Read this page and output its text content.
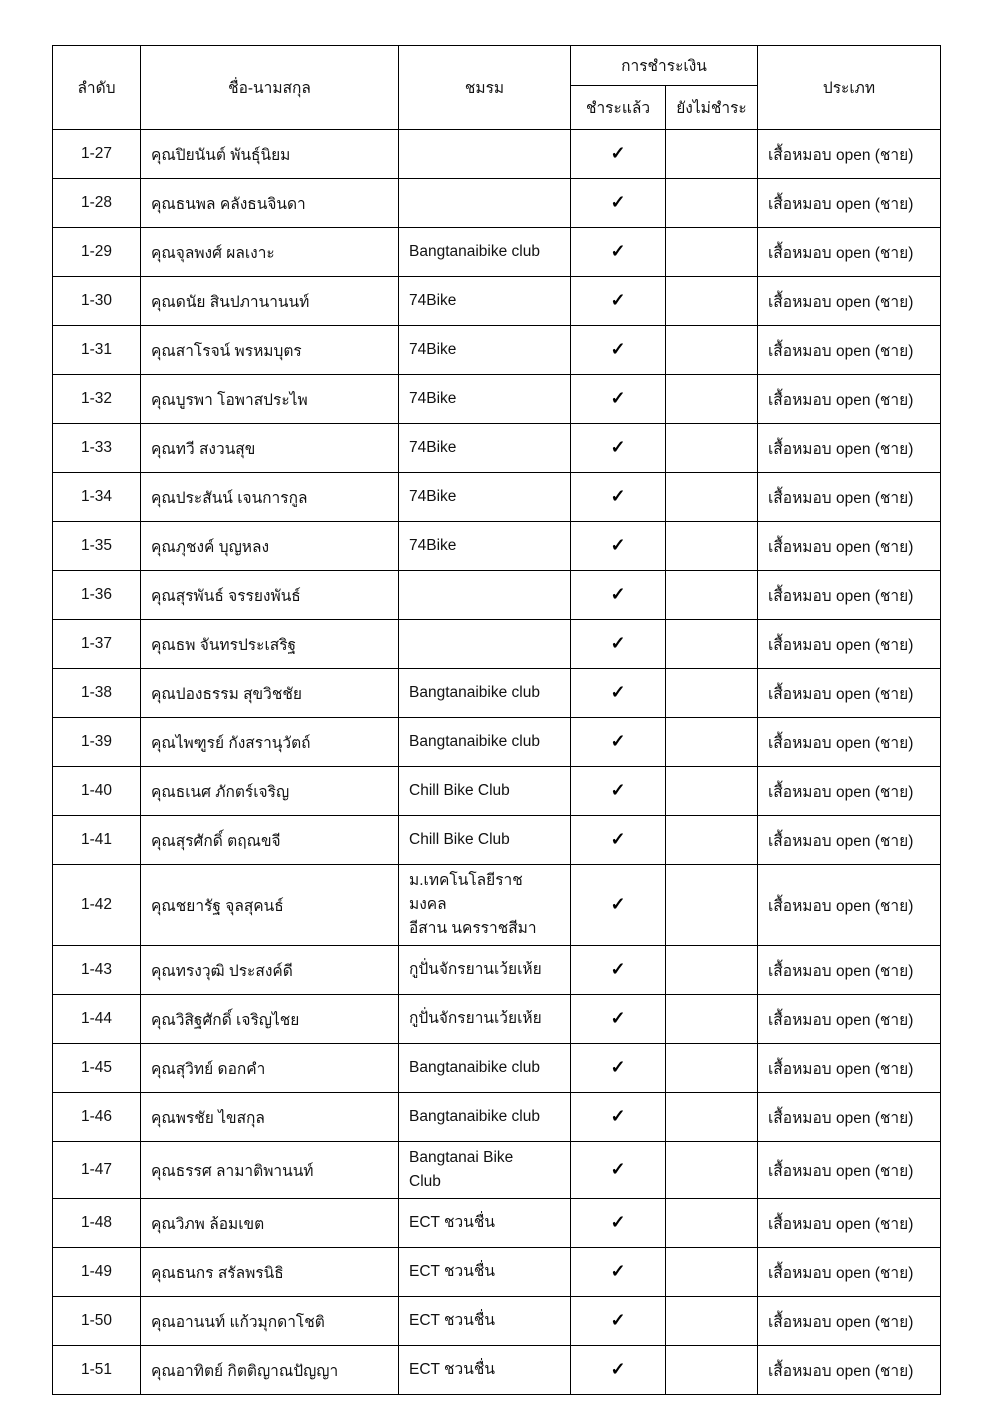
ลำดับ	ชื่อ-นามสกุล	ชมรม	การชำระเงิน		ประเภท
			ชำระแล้ว	ยังไม่ชำระ	
1-27	คุณปิยนันต์ พันธุ์นิยม		✓		เสื้อหมอบ open (ชาย)
1-28	คุณธนพล คลังธนจินดา		✓		เสื้อหมอบ open (ชาย)
1-29	คุณจุลพงศ์ ผลเงาะ	Bangtanaibike club	✓		เสื้อหมอบ open (ชาย)
1-30	คุณดนัย สินปภานานนท์	74Bike	✓		เสื้อหมอบ open (ชาย)
1-31	คุณสาโรจน์ พรหมบุตร	74Bike	✓		เสื้อหมอบ open (ชาย)
1-32	คุณบูรพา โอพาสประไพ	74Bike	✓		เสื้อหมอบ open (ชาย)
1-33	คุณทวี สงวนสุข	74Bike	✓		เสื้อหมอบ open (ชาย)
1-34	คุณประสันน์ เจนการกูล	74Bike	✓		เสื้อหมอบ open (ชาย)
1-35	คุณภุชงค์ บุญหลง	74Bike	✓		เสื้อหมอบ open (ชาย)
1-36	คุณสุรพันธ์ จรรยงพันธ์		✓		เสื้อหมอบ open (ชาย)
1-37	คุณธพ จันทรประเสริฐ		✓		เสื้อหมอบ open (ชาย)
1-38	คุณปองธรรม สุขวิชชัย	Bangtanaibike club	✓		เสื้อหมอบ open (ชาย)
1-39	คุณไพฑูรย์ กังสรานุวัตถ์	Bangtanaibike club	✓		เสื้อหมอบ open (ชาย)
1-40	คุณธเนศ ภักตร์เจริญ	Chill Bike Club	✓		เสื้อหมอบ open (ชาย)
1-41	คุณสุรศักดิ์ ตฤณขจี	Chill Bike Club	✓		เสื้อหมอบ open (ชาย)
1-42	คุณชยารัฐ จุลสุคนธ์	ม.เทคโนโลยีราชมงคล
อีสาน นครราชสีมา	✓		เสื้อหมอบ open (ชาย)
1-43	คุณทรงวุฒิ ประสงค์ดี	กูปั่นจักรยานเว้ยเห้ย	✓		เสื้อหมอบ open (ชาย)
1-44	คุณวิสิฐศักดิ์ เจริญไชย	กูปั่นจักรยานเว้ยเห้ย	✓		เสื้อหมอบ open (ชาย)
1-45	คุณสุวิทย์ ดอกคำ	Bangtanaibike club	✓		เสื้อหมอบ open (ชาย)
1-46	คุณพรชัย ไขสกุล	Bangtanaibike club	✓		เสื้อหมอบ open (ชาย)
1-47	คุณธรรศ ลามาติพานนท์	Bangtanai Bike
Club	✓		เสื้อหมอบ open (ชาย)
1-48	คุณวิภพ ล้อมเขต	ECT ชวนชื่น	✓		เสื้อหมอบ open (ชาย)
1-49	คุณธนกร สรัลพรนิธิ	ECT ชวนชื่น	✓		เสื้อหมอบ open (ชาย)
1-50	คุณอานนท์ แก้วมุกดาโชติ	ECT ชวนชื่น	✓		เสื้อหมอบ open (ชาย)
1-51	คุณอาทิตย์ กิตติญาณปัญญา	ECT ชวนชื่น	✓		เสื้อหมอบ open (ชาย)
